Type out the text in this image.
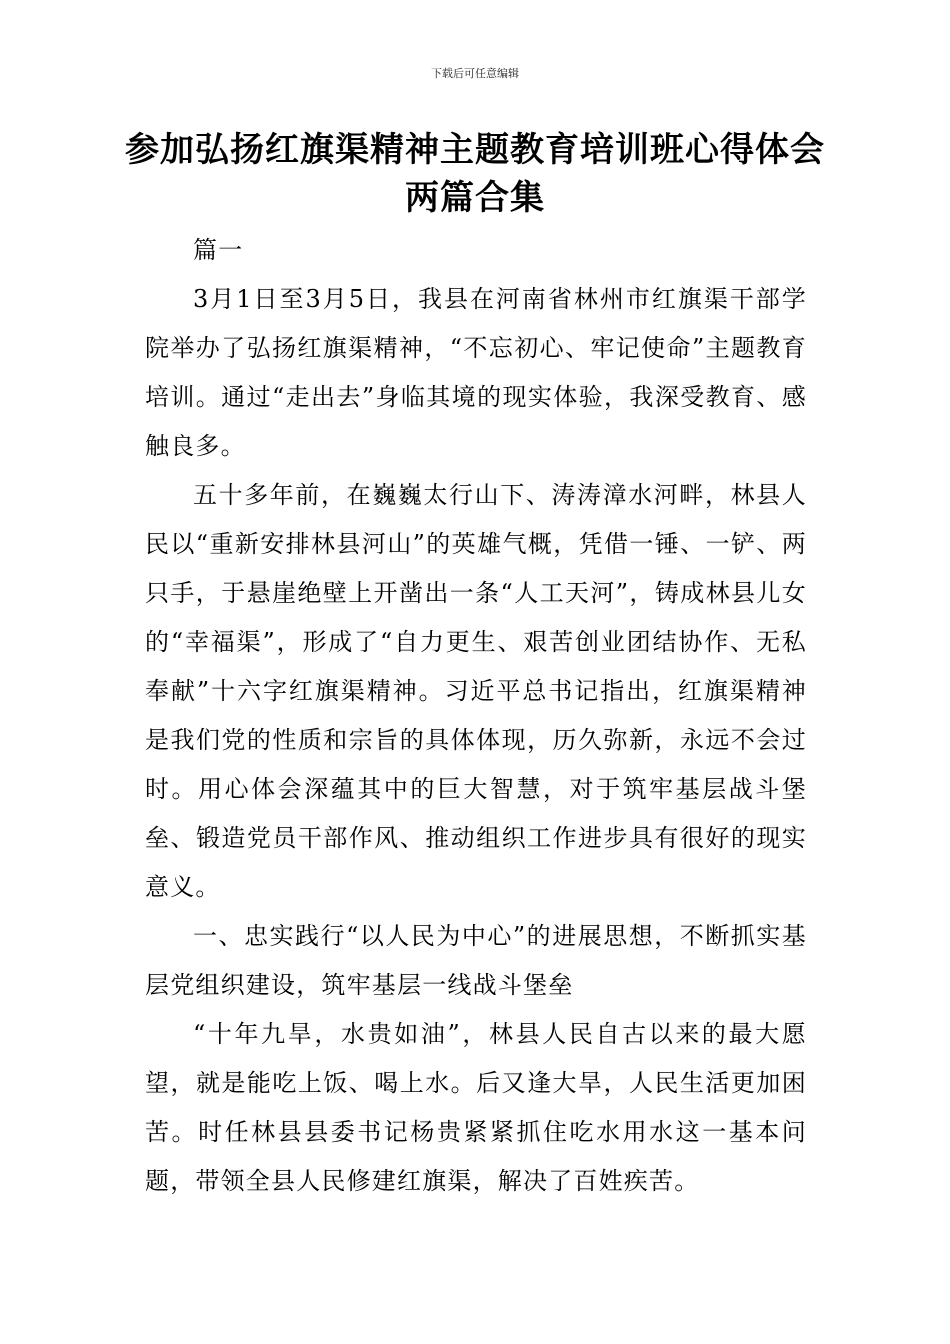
下载后可任意编辑
参加弘扬红旗渠精神主题教育培训班心得体会两篇合集

篇一

3月1日至3月5日，我县在河南省林州市红旗渠干部学院举办了弘扬红旗渠精神，“不忘初心、牢记使命”主题教育培训。通过“走出去”身临其境的现实体验，我深受教育、感触良多。

五十多年前，在巍巍太行山下、涛涛漳水河畔，林县人民以“重新安排林县河山”的英雄气概，凭借一锤、一铲、两只手，于悬崖绝壁上开凿出一条“人工天河”，铸成林县儿女的“幸福渠”，形成了“自力更生、艰苦创业团结协作、无私奉献”十六字红旗渠精神。习近平总书记指出，红旗渠精神是我们党的性质和宗旨的具体体现，历久弥新，永远不会过时。用心体会深蕴其中的巨大智慧，对于筑牢基层战斗堡垒、锻造党员干部作风、推动组织工作进步具有很好的现实意义。

一、忠实践行“以人民为中心”的进展思想，不断抓实基层党组织建设，筑牢基层一线战斗堡垒

“十年九旱，水贵如油”，林县人民自古以来的最大愿望，就是能吃上饭、喝上水。后又逢大旱，人民生活更加困苦。时任林县县委书记杨贵紧紧抓住吃水用水这一基本问题，带领全县人民修建红旗渠，解决了百姓疾苦。
